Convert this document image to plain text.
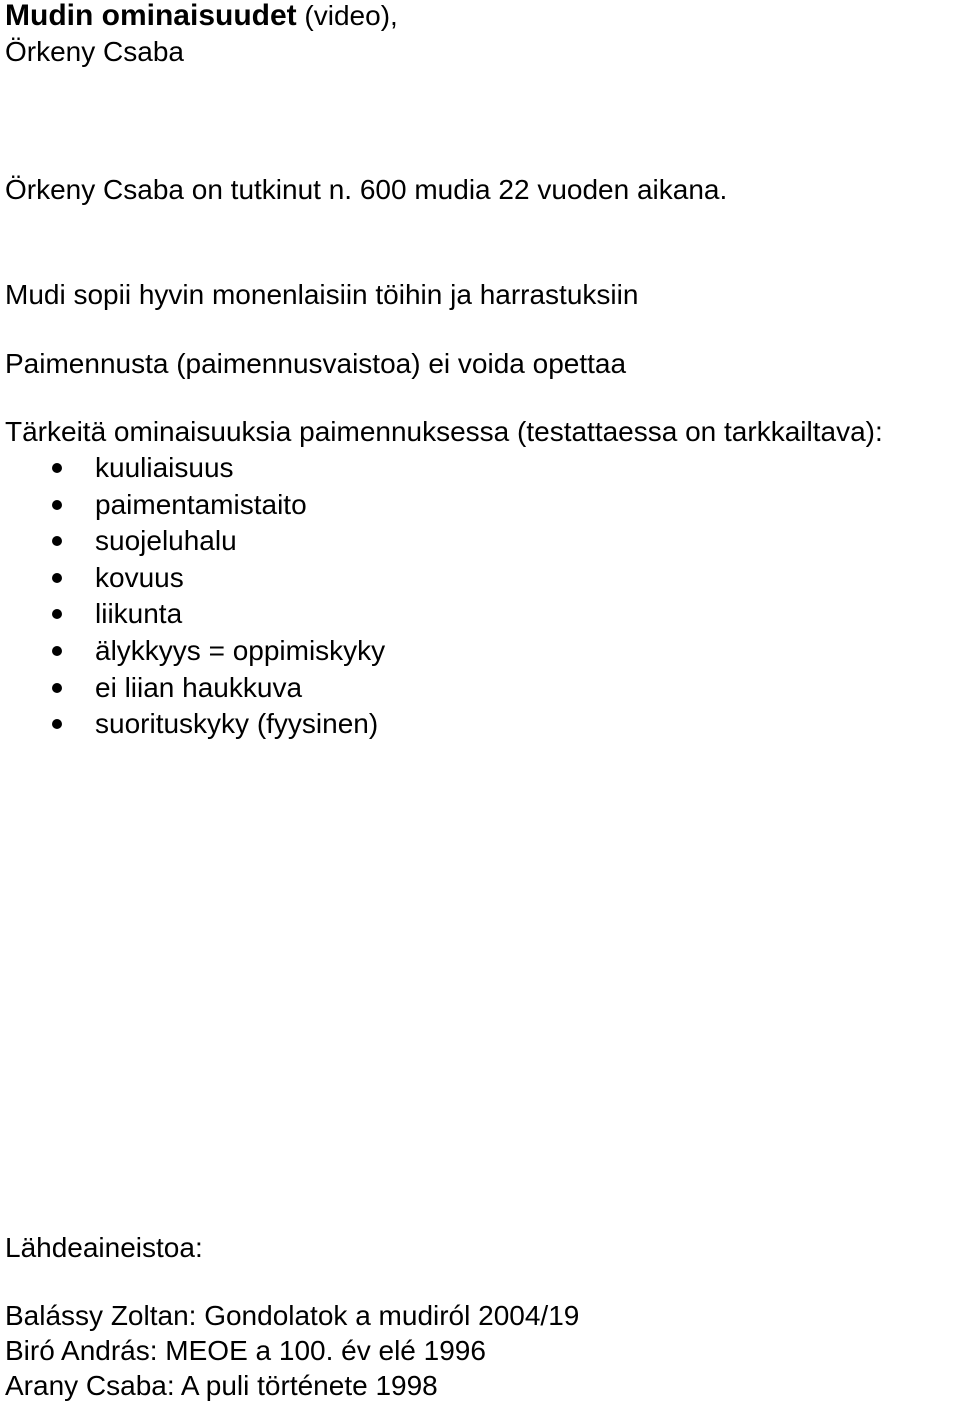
Mudin ominaisuudet (video),
Örkeny Csaba
Örkeny Csaba on tutkinut n. 600 mudia 22 vuoden aikana.
Mudi sopii hyvin monenlaisiin töihin ja harrastuksiin
Paimennusta (paimennusvaistoa) ei voida opettaa
Tärkeitä ominaisuuksia paimennuksessa (testattaessa on tarkkailtava):
kuuliaisuus
paimentamistaito
suojeluhalu
kovuus
liikunta
älykkyys = oppimiskyky
ei liian haukkuva
suorituskyky (fyysinen)
Lähdeaineistoa:
Balássy Zoltan: Gondolatok a mudiról 2004/19
Biró András: MEOE a 100. év elé 1996
Arany Csaba: A puli története 1998
